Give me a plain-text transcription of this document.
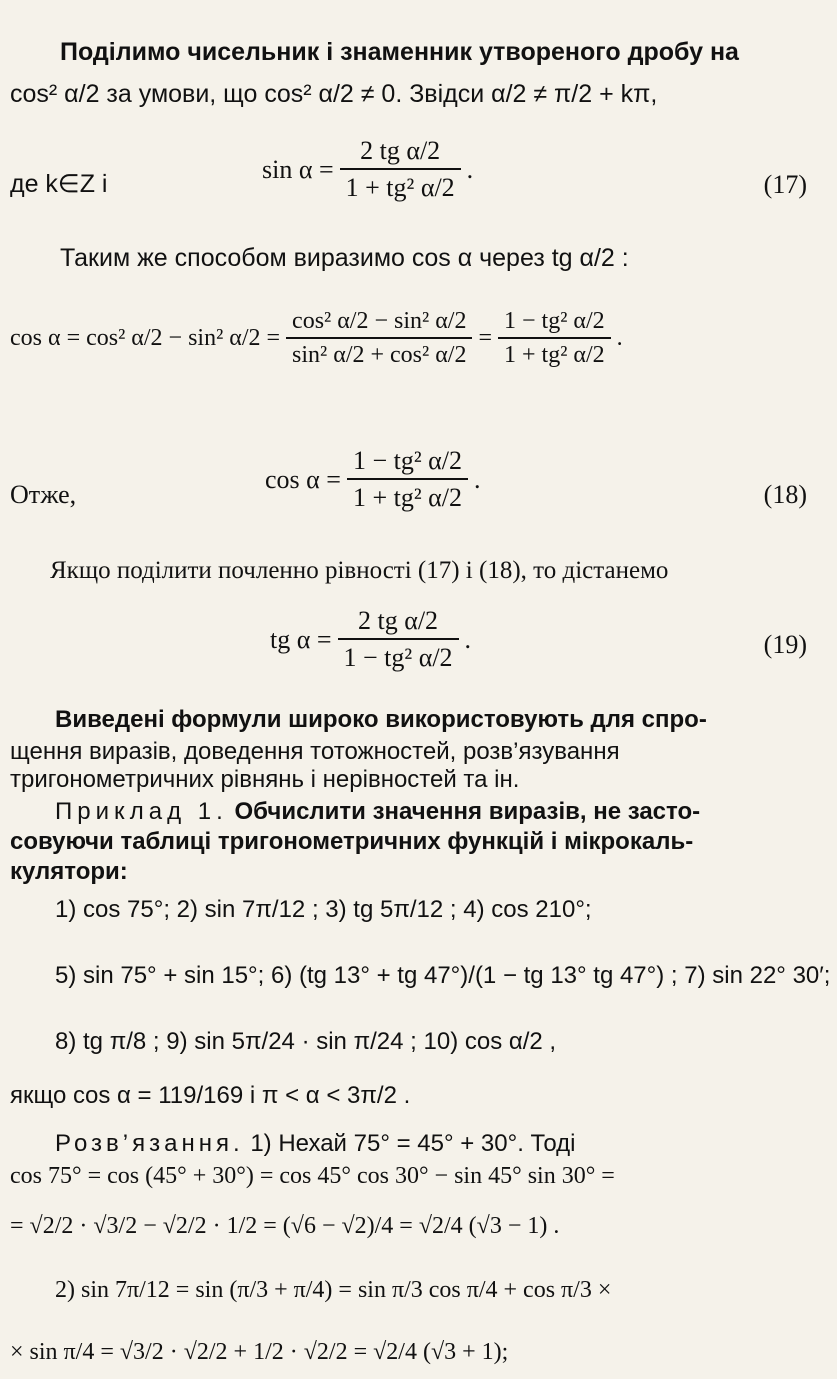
Поділимо чисельник і знаменник утвореного дробу на
cos² α/2 за умови, що cos² α/2 ≠ 0. Звідси α/2 ≠ π/2 + kπ,
де k∈Z і
$\sin \alpha = \frac{\text{2 tg α/2}}{\text{1 + tg² α/2}}$ .
(17)
Таким же способом виразимо cos α через tg α/2 :
cos α = cos² α/2 − sin² $\alpha/2 = \frac{\text{cos² α/2 − sin² α/2}}{\text{sin² α/2 + cos² α/2}} = \frac{\text{1 − tg² α/2}}{\text{1 + tg² α/2}}$ .
Отже,
$\cos \alpha = \frac{\text{1 − tg² α/2}}{\text{1 + tg² α/2}}$ .
(18)
Якщо поділити почленно рівності (17) і (18), то дістанемо
tg $\alpha = \frac{\text{2 tg α/2}}{\text{1 − tg² α/2}}$ .	(19)
Виведені формули широко використовують для спро-
щення виразів, доведення тотожностей, розв’язування
тригонометричних рівнянь і нерівностей та ін.
Приклад 1. Обчислити значення виразів, не засто-
совуючи таблиці тригонометричних функцій і мікрокаль-
кулятори:
1) cos 75°; 2) sin 7π/12 ; 3) tg 5π/12 ; 4) cos 210°;
5) sin 75° + sin 15°; 6) (tg 13° + tg 47°)/(1 − tg 13° tg 47°) ; 7) sin 22° 30′;
8) tg π/8 ; 9) sin 5π/24 · sin π/24 ; 10) cos α/2 ,
якщо cos α = 119/169 і π < α < 3π/2 .
Розв’язання. 1) Нехай 75° = 45° + 30°. Тоді
cos 75° = cos (45° + 30°) = cos 45° cos 30° − sin 45° sin 30° =
= √2/2 · √3/2 − √2/2 · 1/2 = (√6 − √2)/4 = √2/4 (√3 − 1) .
2) sin 7π/12 = sin (π/3 + π/4) = sin π/3 cos π/4 + cos π/3 ×
× sin π/4 = √3/2 · √2/2 + 1/2 · √2/2 = √2/4 (√3 + 1);
